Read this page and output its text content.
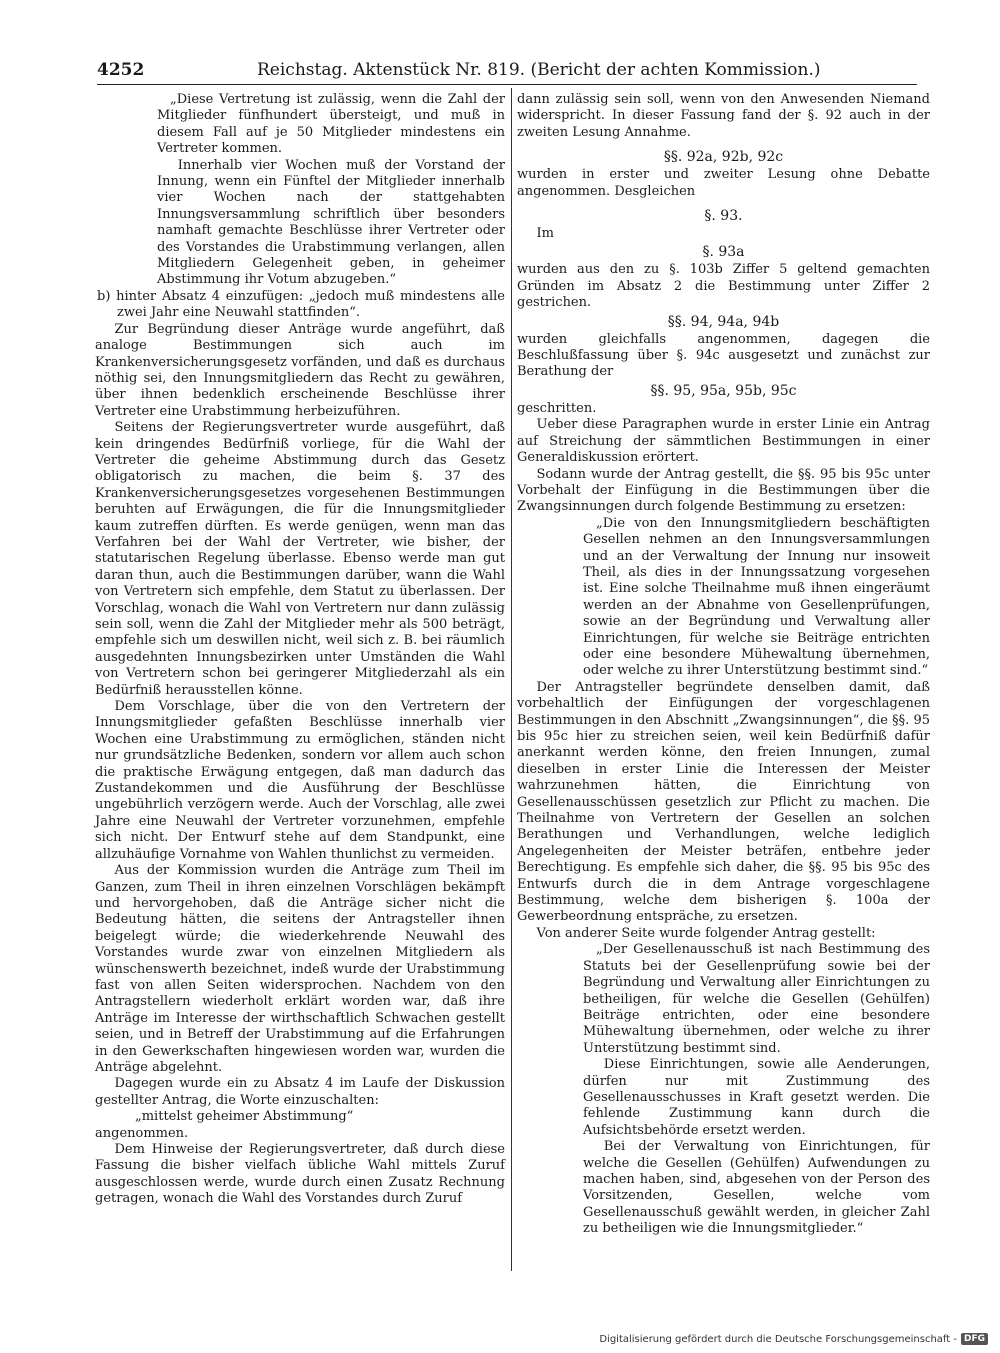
4252	Reichstag. Aktenstück Nr. 819. (Bericht der achten Kommission.)

„Diese Vertretung ist zulässig, wenn die Zahl der Mitglieder fünfhundert übersteigt, und muß in diesem Fall auf je 50 Mitglieder mindestens ein Vertreter kommen.

Innerhalb vier Wochen muß der Vorstand der Innung, wenn ein Fünftel der Mitglieder innerhalb vier Wochen nach der stattgehabten Innungsversammlung schriftlich über besonders namhaft gemachte Beschlüsse ihrer Vertreter oder des Vorstandes die Urabstimmung verlangen, allen Mitgliedern Gelegenheit geben, in geheimer Abstimmung ihr Votum abzugeben.“

b) hinter Absatz 4 einzufügen: „jedoch muß mindestens alle zwei Jahr eine Neuwahl stattfinden“.

Zur Begründung dieser Anträge wurde angeführt, daß analoge Bestimmungen sich auch im Krankenversicherungsgesetz vorfänden, und daß es durchaus nöthig sei, den Innungsmitgliedern das Recht zu gewähren, über ihnen bedenklich erscheinende Beschlüsse ihrer Vertreter eine Urabstimmung herbeizuführen.

Seitens der Regierungsvertreter wurde ausgeführt, daß kein dringendes Bedürfniß vorliege, für die Wahl der Vertreter die geheime Abstimmung durch das Gesetz obligatorisch zu machen, die beim §. 37 des Krankenversicherungsgesetzes vorgesehenen Bestimmungen beruhten auf Erwägungen, die für die Innungsmitglieder kaum zutreffen dürften. Es werde genügen, wenn man das Verfahren bei der Wahl der Vertreter, wie bisher, der statutarischen Regelung überlasse. Ebenso werde man gut daran thun, auch die Bestimmungen darüber, wann die Wahl von Vertretern sich empfehle, dem Statut zu überlassen. Der Vorschlag, wonach die Wahl von Vertretern nur dann zulässig sein soll, wenn die Zahl der Mitglieder mehr als 500 beträgt, empfehle sich um deswillen nicht, weil sich z. B. bei räumlich ausgedehnten Innungsbezirken unter Umständen die Wahl von Vertretern schon bei geringerer Mitgliederzahl als ein Bedürfniß herausstellen könne.

Dem Vorschlage, über die von den Vertretern der Innungsmitglieder gefaßten Beschlüsse innerhalb vier Wochen eine Urabstimmung zu ermöglichen, ständen nicht nur grundsätzliche Bedenken, sondern vor allem auch schon die praktische Erwägung entgegen, daß man dadurch das Zustandekommen und die Ausführung der Beschlüsse ungebührlich verzögern werde. Auch der Vorschlag, alle zwei Jahre eine Neuwahl der Vertreter vorzunehmen, empfehle sich nicht. Der Entwurf stehe auf dem Standpunkt, eine allzuhäufige Vornahme von Wahlen thunlichst zu vermeiden.

Aus der Kommission wurden die Anträge zum Theil im Ganzen, zum Theil in ihren einzelnen Vorschlägen bekämpft und hervorgehoben, daß die Anträge sicher nicht die Bedeutung hätten, die seitens der Antragsteller ihnen beigelegt würde; die wiederkehrende Neuwahl des Vorstandes wurde zwar von einzelnen Mitgliedern als wünschenswerth bezeichnet, indeß wurde der Urabstimmung fast von allen Seiten widersprochen. Nachdem von den Antragstellern wiederholt erklärt worden war, daß ihre Anträge im Interesse der wirthschaftlich Schwachen gestellt seien, und in Betreff der Urabstimmung auf die Erfahrungen in den Gewerkschaften hingewiesen worden war, wurden die Anträge abgelehnt.

Dagegen wurde ein zu Absatz 4 im Laufe der Diskussion gestellter Antrag, die Worte einzuschalten:

„mittelst geheimer Abstimmung“

angenommen.

Dem Hinweise der Regierungsvertreter, daß durch diese Fassung die bisher vielfach übliche Wahl mittels Zuruf ausgeschlossen werde, wurde durch einen Zusatz Rechnung getragen, wonach die Wahl des Vorstandes durch Zuruf

dann zulässig sein soll, wenn von den Anwesenden Niemand widerspricht. In dieser Fassung fand der §. 92 auch in der zweiten Lesung Annahme.

§§. 92a, 92b, 92c

wurden in erster und zweiter Lesung ohne Debatte angenommen. Desgleichen

§. 93.

Im

§. 93a

wurden aus den zu §. 103b Ziffer 5 geltend gemachten Gründen im Absatz 2 die Bestimmung unter Ziffer 2 gestrichen.

§§. 94, 94a, 94b

wurden gleichfalls angenommen, dagegen die Beschlußfassung über §. 94c ausgesetzt und zunächst zur Berathung der

§§. 95, 95a, 95b, 95c

geschritten.

Ueber diese Paragraphen wurde in erster Linie ein Antrag auf Streichung der sämmtlichen Bestimmungen in einer Generaldiskussion erörtert.

Sodann wurde der Antrag gestellt, die §§. 95 bis 95c unter Vorbehalt der Einfügung in die Bestimmungen über die Zwangsinnungen durch folgende Bestimmung zu ersetzen:

„Die von den Innungsmitgliedern beschäftigten Gesellen nehmen an den Innungsversammlungen und an der Verwaltung der Innung nur insoweit Theil, als dies in der Innungssatzung vorgesehen ist. Eine solche Theilnahme muß ihnen eingeräumt werden an der Abnahme von Gesellenprüfungen, sowie an der Begründung und Verwaltung aller Einrichtungen, für welche sie Beiträge entrichten oder eine besondere Mühewaltung übernehmen, oder welche zu ihrer Unterstützung bestimmt sind.“

Der Antragsteller begründete denselben damit, daß vorbehaltlich der Einfügungen der vorgeschlagenen Bestimmungen in den Abschnitt „Zwangsinnungen“, die §§. 95 bis 95c hier zu streichen seien, weil kein Bedürfniß dafür anerkannt werden könne, den freien Innungen, zumal dieselben in erster Linie die Interessen der Meister wahrzunehmen hätten, die Einrichtung von Gesellenausschüssen gesetzlich zur Pflicht zu machen. Die Theilnahme von Vertretern der Gesellen an solchen Berathungen und Verhandlungen, welche lediglich Angelegenheiten der Meister beträfen, entbehre jeder Berechtigung. Es empfehle sich daher, die §§. 95 bis 95c des Entwurfs durch die in dem Antrage vorgeschlagene Bestimmung, welche dem bisherigen §. 100a der Gewerbeordnung entspräche, zu ersetzen.

Von anderer Seite wurde folgender Antrag gestellt:

„Der Gesellenausschuß ist nach Bestimmung des Statuts bei der Gesellenprüfung sowie bei der Begründung und Verwaltung aller Einrichtungen zu betheiligen, für welche die Gesellen (Gehülfen) Beiträge entrichten, oder eine besondere Mühewaltung übernehmen, oder welche zu ihrer Unterstützung bestimmt sind.

Diese Einrichtungen, sowie alle Aenderungen, dürfen nur mit Zustimmung des Gesellenausschusses in Kraft gesetzt werden. Die fehlende Zustimmung kann durch die Aufsichtsbehörde ersetzt werden.

Bei der Verwaltung von Einrichtungen, für welche die Gesellen (Gehülfen) Aufwendungen zu machen haben, sind, abgesehen von der Person des Vorsitzenden, Gesellen, welche vom Gesellenausschuß gewählt werden, in gleicher Zahl zu betheiligen wie die Innungsmitglieder.“

Digitalisierung gefördert durch die Deutsche Forschungsgemeinschaft - DFG
